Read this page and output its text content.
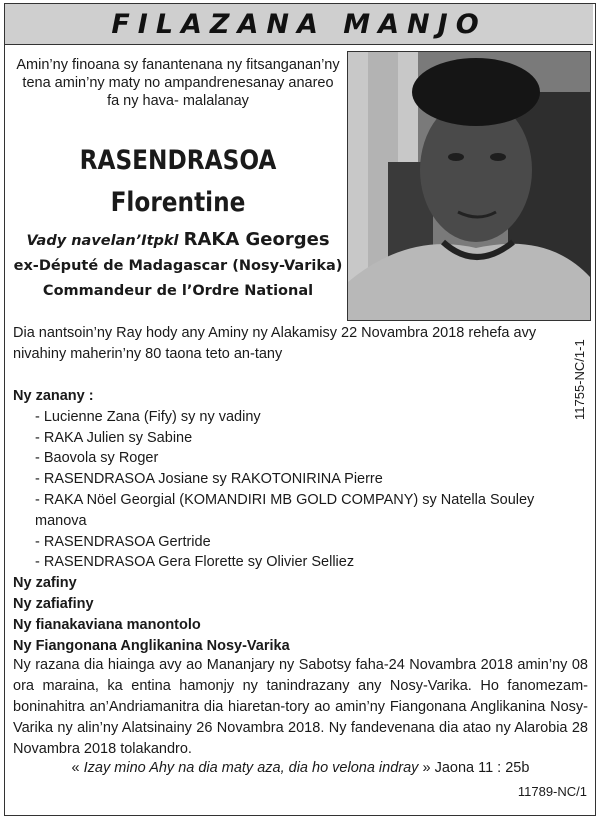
FILAZANA MANJO
Amin’ny finoana sy fanantenana ny fitsanganan’ny
tena amin’ny maty no ampandrenesanay anareo
fa ny hava- malalanay
RASENDRASOA
Florentine
Vady navelan’Itpkl RAKA Georges
ex-Député de Madagascar (Nosy-Varika)
Commandeur de l’Ordre National
Dia nantsoin’ny Ray hody any Aminy ny Alakamisy 22 Novambra 2018 rehefa avy nivahiny maherin’ny 80 taona teto an-tany
Ny zanany :
- Lucienne Zana (Fify) sy ny vadiny
- RAKA Julien sy Sabine
- Baovola sy Roger
- RASENDRASOA Josiane sy RAKOTONIRINA Pierre
- RAKA Nöel Georgial (KOMANDIRI MB GOLD COMPANY) sy Natella Souley manova
- RASENDRASOA Gertride
- RASENDRASOA Gera Florette sy Olivier Selliez
Ny zafiny
Ny zafiafiny
Ny fianakaviana manontolo
Ny Fiangonana Anglikanina Nosy-Varika
11755-NC/1-1
Ny razana dia hiainga avy ao Mananjary ny Sabotsy faha-24 Novambra 2018 amin’ny 08 ora maraina, ka entina hamonjy ny tanindrazany any Nosy-Varika. Ho fanomezam-boninahitra an’Andriamanitra dia hiaretan-tory ao amin’ny Fiangonana Anglikanina Nosy-Varika ny alin’ny Alatsinainy 26 Novambra 2018. Ny fandevenana dia atao ny Alarobia 28 Novambra 2018 tolakandro.
« Izay mino Ahy na dia maty aza, dia ho velona indray » Jaona 11 : 25b
11789-NC/1
